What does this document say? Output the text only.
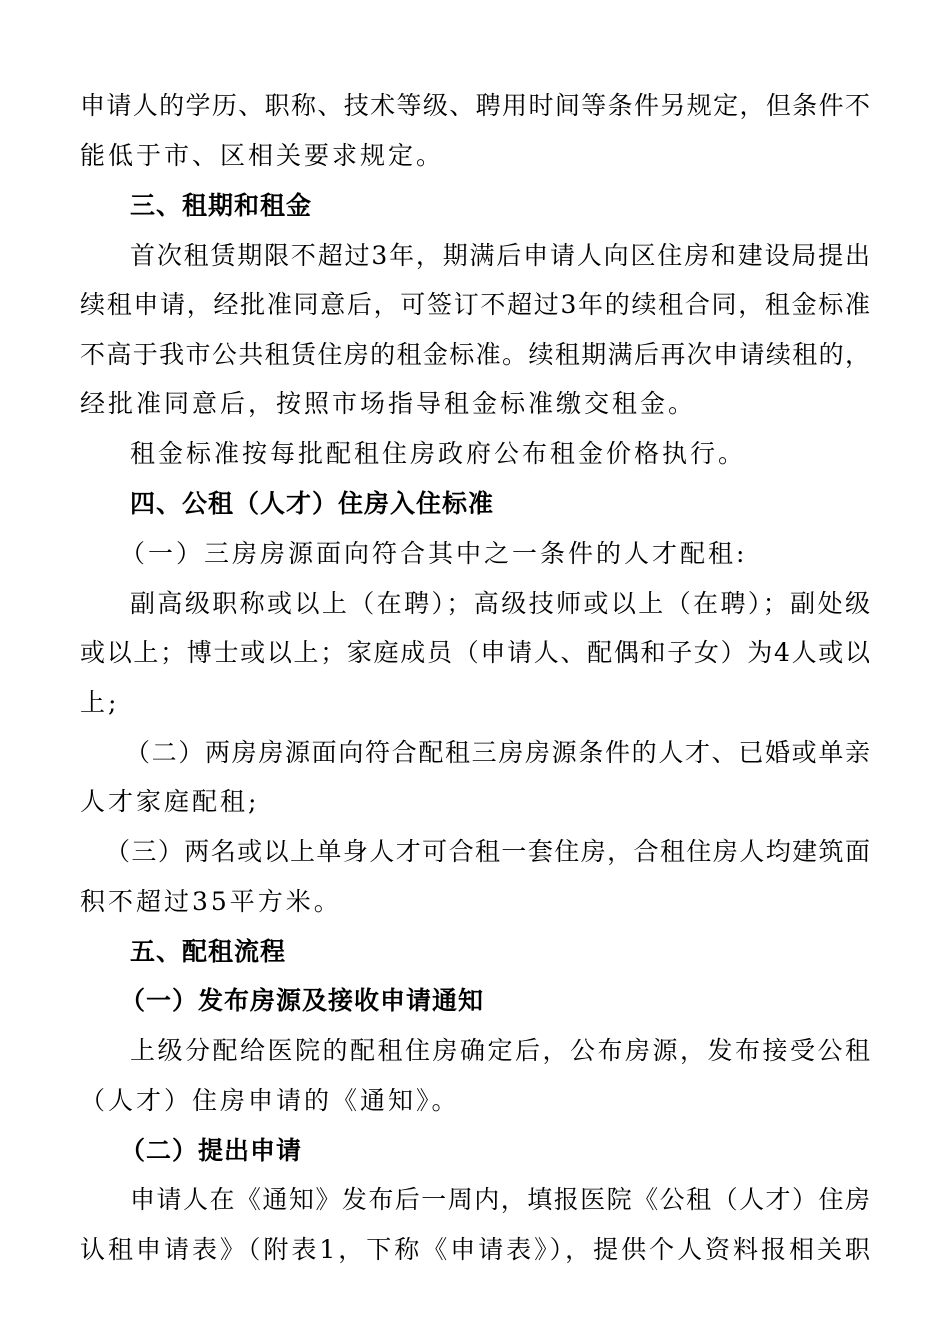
申请人的学历、职称、技术等级、聘用时间等条件另规定，但条件不
能低于市、区相关要求规定。
三、租期和租金
首次租赁期限不超过3年，期满后申请人向区住房和建设局提出
续租申请，经批准同意后，可签订不超过3年的续租合同，租金标准
不高于我市公共租赁住房的租金标准。续租期满后再次申请续租的，
经批准同意后，按照市场指导租金标准缴交租金。
租金标准按每批配租住房政府公布租金价格执行。
四、公租（人才）住房入住标准
（一）三房房源面向符合其中之一条件的人才配租:
副高级职称或以上（在聘）；高级技师或以上（在聘）；副处级
或以上；博士或以上；家庭成员（申请人、配偶和子女）为4人或以
上;
（二）两房房源面向符合配租三房房源条件的人才、已婚或单亲
人才家庭配租;
（三）两名或以上单身人才可合租一套住房，合租住房人均建筑面
积不超过35平方米。
五、配租流程
（一）发布房源及接收申请通知
上级分配给医院的配租住房确定后，公布房源，发布接受公租
（人才）住房申请的《通知》。
（二）提出申请
申请人在《通知》发布后一周内，填报医院《公租（人才）住房
认租申请表》（附表1，下称《申请表》），提供个人资料报相关职
